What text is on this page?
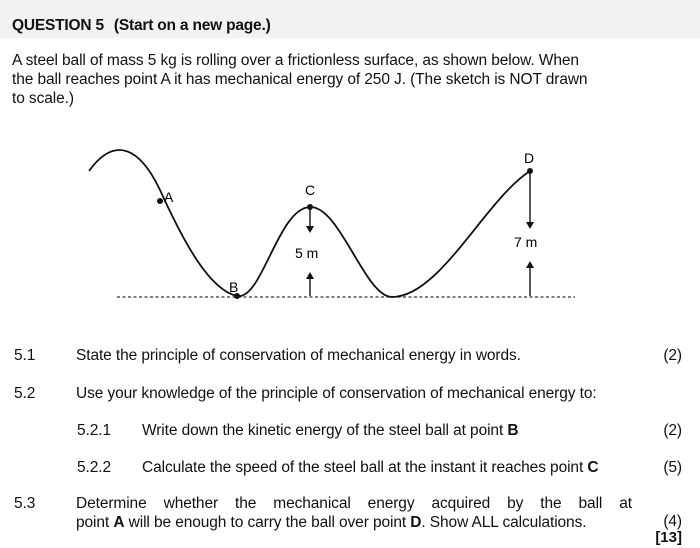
QUESTION 5 (Start on a new page.)

A steel ball of mass 5 kg is rolling over a frictionless surface, as shown below. When

the ball reaches point A it has mechanical energy of 250 J. (The sketch is NOT drawn

to scale.)

A
B
C
D
5 m
7 m
5.1	State the principle of conservation of mechanical energy in words.	(2)
5.2	Use your knowledge of the principle of conservation of mechanical energy to:
5.2.1 Write down the kinetic energy of the steel ball at point B	(2)
5.2.2 Calculate the speed of the steel ball at the instant it reaches point C	(5)
5.3	Determine whether the mechanical energy acquired by the ball at
point A will be enough to carry the ball over point D. Show ALL calculations.	(4)
[13]
